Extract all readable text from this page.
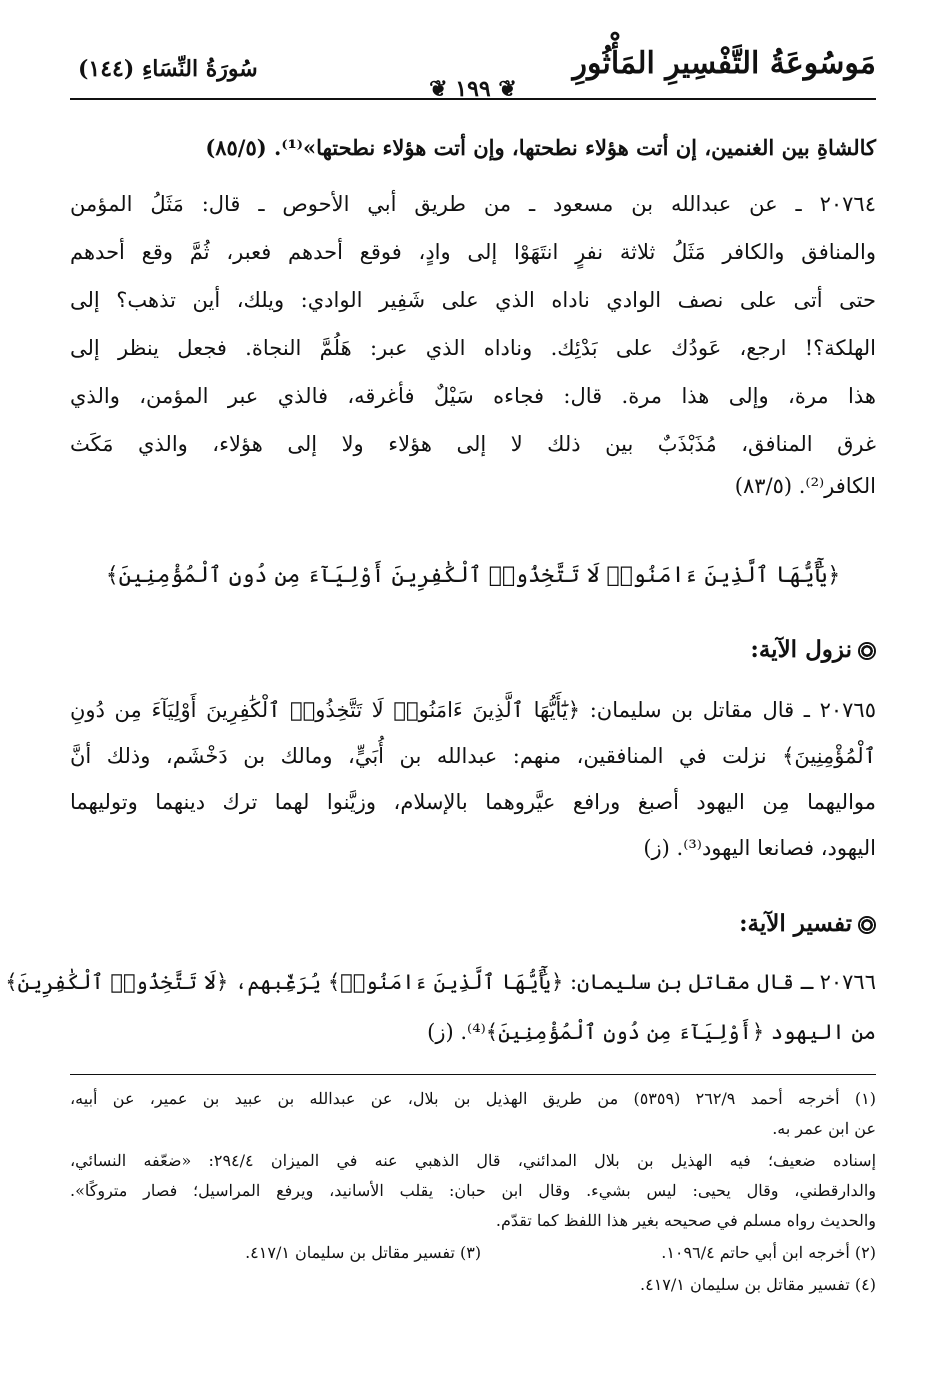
مَوسُوعَةُ التَّفْسِيرِ المَأْثُورِ
سُورَةُ النِّسَاءِ (١٤٤)
❦ ١٩٩ ❦
كالشاةِ بين الغنمين، إن أتت هؤلاء نطحتها، وإن أتت هؤلاء نطحتها»⁽¹⁾. (٨٥/٥)
٢٠٧٦٤ ـ عن عبدالله بن مسعود ـ من طريق أبي الأحوص ـ قال: مَثَلُ المؤمن
والمنافق والكافر مَثَلُ ثلاثة نفرٍ انتَهَوْا إلى وادٍ، فوقع أحدهم فعبر، ثُمَّ وقع أحدهم
حتى أتى على نصف الوادي ناداه الذي على شَفِير الوادي: ويلك، أين تذهب؟ إلى
الهلكة؟! ارجع، عَودُك على بَدْئِك. وناداه الذي عبر: هَلُمَّ النجاة. فجعل ينظر إلى
هذا مرة، وإلى هذا مرة. قال: فجاءه سَيْلٌ فأغرقه، فالذي عبر المؤمن، والذي
غرق المنافق، مُذَبْذَبٌ بين ذلك لا إلى هؤلاء ولا إلى هؤلاء، والذي مَكَث
الكافر⁽²⁾. (٨٣/٥)
﴿يَٰٓأَيُّهَا ٱلَّذِينَ ءَامَنُوا۟ لَا تَتَّخِذُوا۟ ٱلْكَٰفِرِينَ أَوْلِيَآءَ مِن دُونِ ٱلْمُؤْمِنِينَ﴾
نزول الآية:
٢٠٧٦٥ ـ قال مقاتل بن سليمان: ﴿يَٰٓأَيُّهَا ٱلَّذِينَ ءَامَنُوا۟ لَا تَتَّخِذُوا۟ ٱلْكَٰفِرِينَ أَوْلِيَآءَ مِن دُونِ
ٱلْمُؤْمِنِينَ﴾ نزلت في المنافقين، منهم: عبدالله بن أُبَيٍّ، ومالك بن دَخْشَم، وذلك أنَّ
مواليهما مِن اليهود أصبغ ورافع عيَّروهما بالإسلام، وزيَّنوا لهما ترك دينهما وتوليهما
اليهود، فصانعا اليهود⁽³⁾. (ز)
تفسير الآية:
٢٠٧٦٦ ـ قال مقاتل بن سليمان: ﴿يَٰٓأَيُّهَا ٱلَّذِينَ ءَامَنُوا۟﴾ يُرَغِّبهم، ﴿لَا تَتَّخِذُوا۟ ٱلْكَٰفِرِينَ﴾
من اليهود ﴿أَوْلِيَآءَ مِن دُونِ ٱلْمُؤْمِنِينَ﴾⁽⁴⁾. (ز)
(١) أخرجه أحمد ٢٦٢/٩ (٥٣٥٩) من طريق الهذيل بن بلال، عن عبدالله بن عبيد بن عمير، عن أبيه،
عن ابن عمر به.
إسناده ضعيف؛ فيه الهذيل بن بلال المدائني، قال الذهبي عنه في الميزان ٢٩٤/٤: «ضعّفه النسائي،
والدارقطني، وقال يحيى: ليس بشيء. وقال ابن حبان: يقلب الأسانيد، ويرفع المراسيل؛ فصار متروكًا».
والحديث رواه مسلم في صحيحه بغير هذا اللفظ كما تقدّم.
(٢) أخرجه ابن أبي حاتم ١٠٩٦/٤.(٣) تفسير مقاتل بن سليمان ٤١٧/١.
(٤) تفسير مقاتل بن سليمان ٤١٧/١.
